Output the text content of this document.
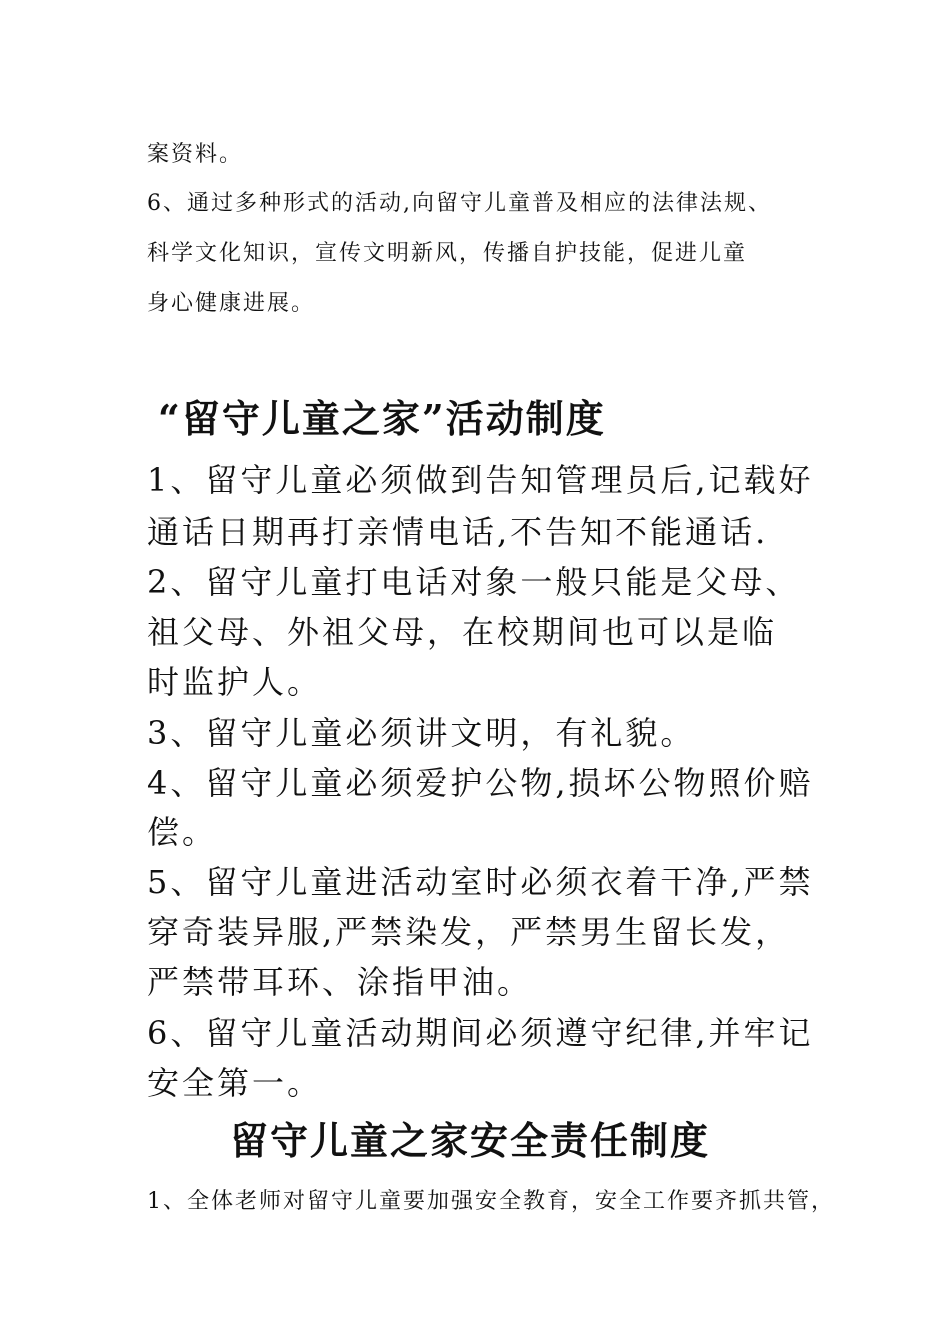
案资料。

6、通过多种形式的活动,向留守儿童普及相应的法律法规、

科学文化知识，宣传文明新风，传播自护技能，促进儿童

身心健康进展。

“留守儿童之家”活动制度

1、留守儿童必须做到告知管理员后,记载好

通话日期再打亲情电话,不告知不能通话.

2、留守儿童打电话对象一般只能是父母、

祖父母、外祖父母，在校期间也可以是临

时监护人。

3、留守儿童必须讲文明，有礼貌。

4、留守儿童必须爱护公物,损坏公物照价赔

偿。

5、留守儿童进活动室时必须衣着干净,严禁

穿奇装异服,严禁染发，严禁男生留长发，

严禁带耳环、涂指甲油。

6、留守儿童活动期间必须遵守纪律,并牢记

安全第一。

留守儿童之家安全责任制度

1、全体老师对留守儿童要加强安全教育，安全工作要齐抓共管，
